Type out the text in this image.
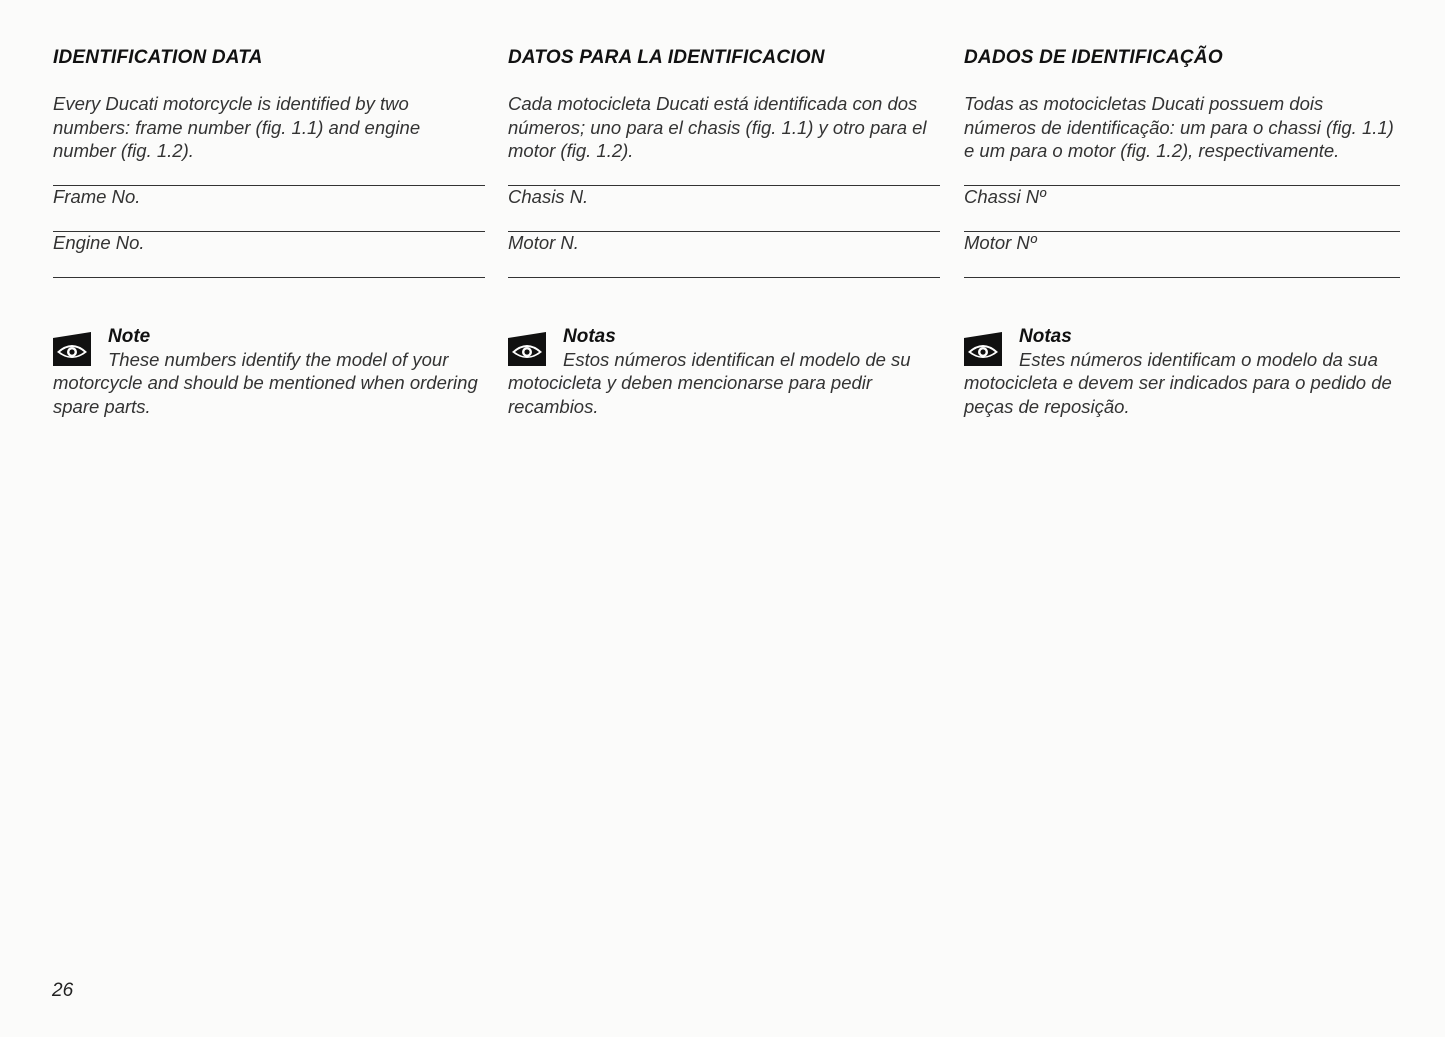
IDENTIFICATION DATA
Every Ducati motorcycle is identified by two numbers: frame number (fig. 1.1) and engine number (fig. 1.2).
Frame No.
Engine No.
Note
These numbers identify the model of your motorcycle and should be mentioned when ordering spare parts.
DATOS PARA LA IDENTIFICACION
Cada motocicleta Ducati está identificada con dos números; uno para el chasis (fig. 1.1) y otro para el motor (fig. 1.2).
Chasis N.
Motor N.
Notas
Estos números identifican el modelo de su motocicleta y deben mencionarse para pedir recambios.
DADOS DE IDENTIFICAÇÃO
Todas as motocicletas Ducati possuem dois números de identificação: um para o chassi (fig. 1.1) e um para o motor (fig. 1.2), respectivamente.
Chassi Nº
Motor Nº
Notas
Estes números identificam o modelo da sua motocicleta e devem ser indicados para o pedido de peças de reposição.
26
